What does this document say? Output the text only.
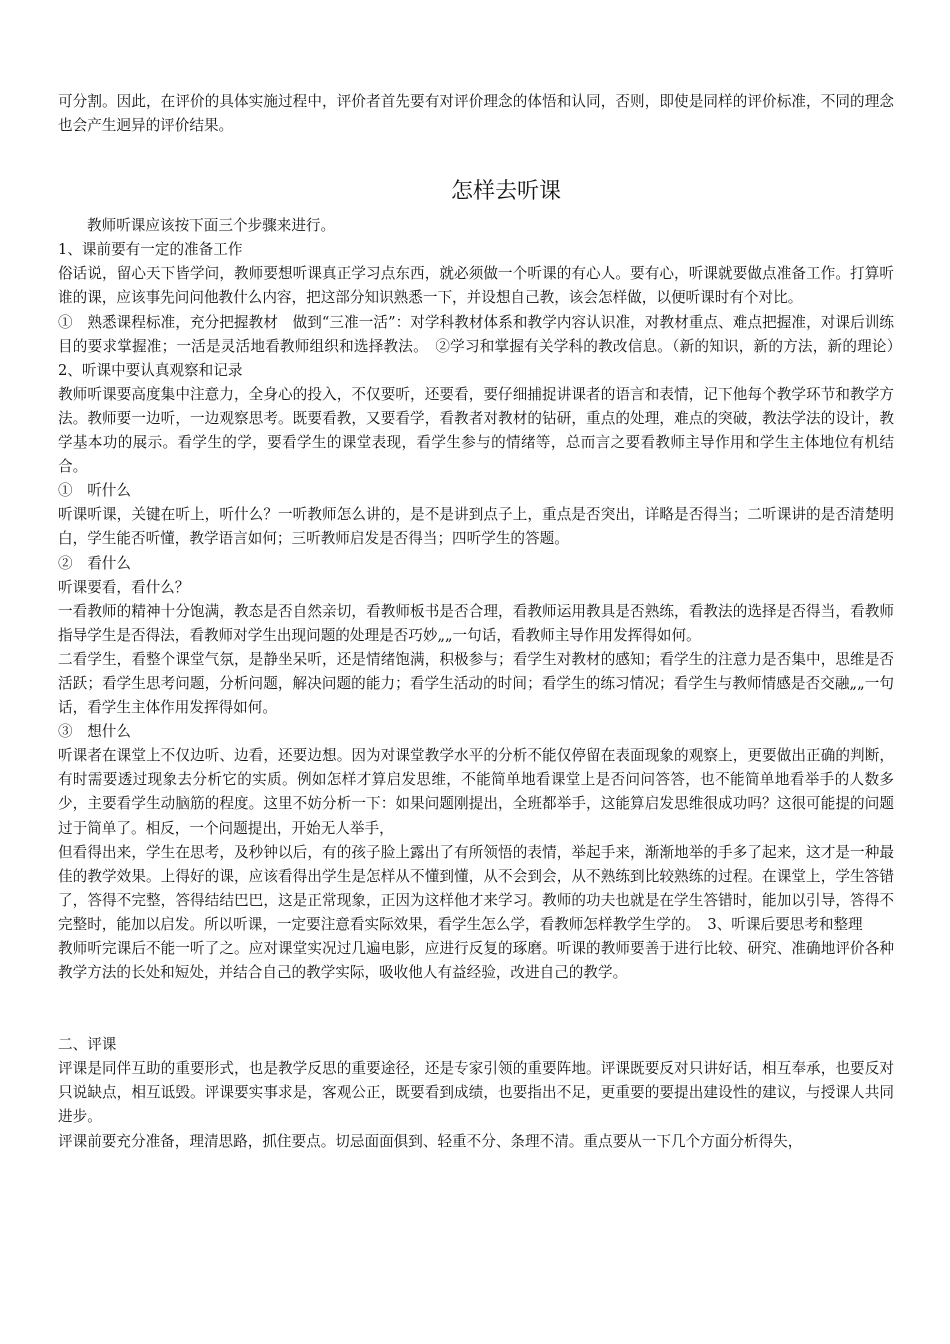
可分割。因此，在评价的具体实施过程中，评价者首先要有对评价理念的体悟和认同，否则，即使是同样的评价标准，不同的理念也会产生迥异的评价结果。

怎样去听课

教师听课应该按下面三个步骤来进行。

1、课前要有一定的准备工作

俗话说，留心天下皆学问，教师要想听课真正学习点东西，就必须做一个听课的有心人。要有心，听课就要做点准备工作。打算听谁的课，应该事先问问他教什么内容，把这部分知识熟悉一下，并设想自己教，该会怎样做，以便听课时有个对比。

①　熟悉课程标准，充分把握教材　做到“三准一活”：对学科教材体系和教学内容认识准，对教材重点、难点把握准，对课后训练目的要求掌握准；一活是灵活地看教师组织和选择教法。　②学习和掌握有关学科的教改信息。（新的知识，新的方法，新的理论）　2、听课中要认真观察和记录

教师听课要高度集中注意力，全身心的投入，不仅要听，还要看，要仔细捕捉讲课者的语言和表情，记下他每个教学环节和教学方法。教师要一边听，一边观察思考。既要看教，又要看学，看教者对教材的钻研，重点的处理，难点的突破，教法学法的设计，教学基本功的展示。看学生的学，要看学生的课堂表现，看学生参与的情绪等，总而言之要看教师主导作用和学生主体地位有机结合。

①　听什么

听课听课，关键在听上，听什么？一听教师怎么讲的，是不是讲到点子上，重点是否突出，详略是否得当；二听课讲的是否清楚明白，学生能否听懂，教学语言如何；三听教师启发是否得当；四听学生的答题。

②　看什么

听课要看，看什么？

一看教师的精神十分饱满，教态是否自然亲切，看教师板书是否合理，看教师运用教具是否熟练，看教法的选择是否得当，看教师指导学生是否得法，看教师对学生出现问题的处理是否巧妙„„一句话，看教师主导作用发挥得如何。

二看学生，看整个课堂气氛，是静坐呆听，还是情绪饱满，积极参与；看学生对教材的感知；看学生的注意力是否集中，思维是否活跃；看学生思考问题，分析问题，解决问题的能力；看学生活动的时间；看学生的练习情况；看学生与教师情感是否交融„„一句话，看学生主体作用发挥得如何。

③　想什么

听课者在课堂上不仅边听、边看，还要边想。因为对课堂教学水平的分析不能仅停留在表面现象的观察上，更要做出正确的判断，有时需要透过现象去分析它的实质。例如怎样才算启发思维，不能简单地看课堂上是否问问答答，也不能简单地看举手的人数多少，主要看学生动脑筋的程度。这里不妨分析一下：如果问题刚提出，全班都举手，这能算启发思维很成功吗？这很可能提的问题过于简单了。相反，一个问题提出，开始无人举手，

但看得出来，学生在思考，及秒钟以后，有的孩子脸上露出了有所领悟的表情，举起手来，渐渐地举的手多了起来，这才是一种最佳的教学效果。上得好的课，应该看得出学生是怎样从不懂到懂，从不会到会，从不熟练到比较熟练的过程。在课堂上，学生答错了，答得不完整，答得结结巴巴，这是正常现象，正因为这样他才来学习。教师的功夫也就是在学生答错时，能加以引导，答得不完整时，能加以启发。所以听课，一定要注意看实际效果，看学生怎么学，看教师怎样教学生学的。　3、听课后要思考和整理

教师听完课后不能一听了之。应对课堂实况过几遍电影，应进行反复的琢磨。听课的教师要善于进行比较、研究、准确地评价各种教学方法的长处和短处，并结合自己的教学实际，吸收他人有益经验，改进自己的教学。

二、评课

评课是同伴互助的重要形式，也是教学反思的重要途径，还是专家引领的重要阵地。评课既要反对只讲好话，相互奉承，也要反对只说缺点，相互诋毁。评课要实事求是，客观公正，既要看到成绩，也要指出不足，更重要的要提出建设性的建议，与授课人共同进步。

评课前要充分准备，理清思路，抓住要点。切忌面面俱到、轻重不分、条理不清。重点要从一下几个方面分析得失，
